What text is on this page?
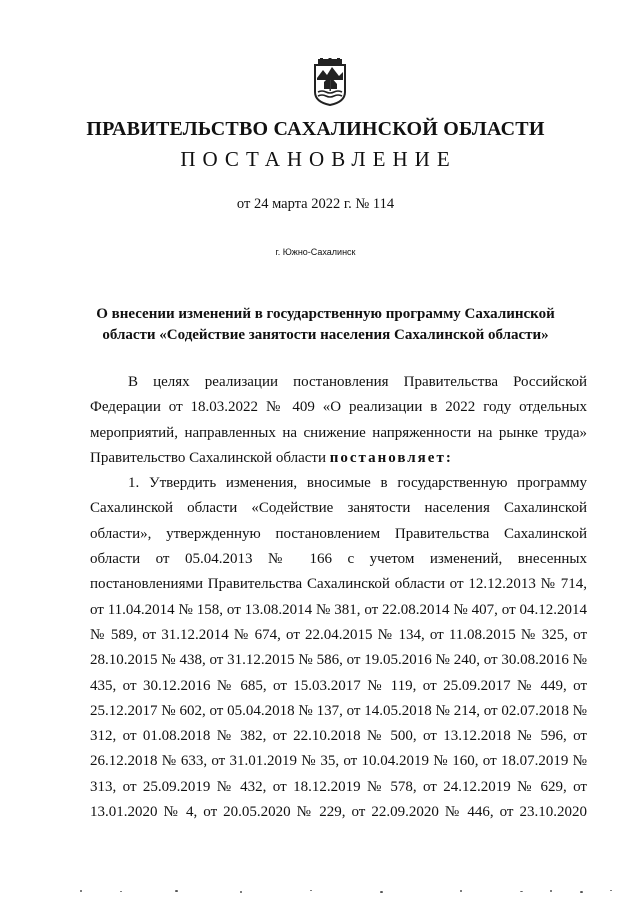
ПРАВИТЕЛЬСТВО САХАЛИНСКОЙ ОБЛАСТИ
ПОСТАНОВЛЕНИЕ
от 24 марта 2022 г. № 114
г. Южно-Сахалинск
О внесении изменений в государственную программу Сахалинской
области «Содействие занятости населения Сахалинской области»

В целях реализации постановления Правительства Российской Федерации от 18.03.2022 № 409 «О реализации в 2022 году отдельных мероприятий, направленных на снижение напряженности на рынке труда» Правительство Сахалинской области постановляет:

1. Утвердить изменения, вносимые в государственную программу Сахалинской области «Содействие занятости населения Сахалинской области», утвержденную постановлением Правительства Сахалинской области от 05.04.2013 № 166 с учетом изменений, внесенных постановлениями Правительства Сахалинской области от 12.12.2013 № 714, от 11.04.2014 № 158, от 13.08.2014 № 381, от 22.08.2014 № 407, от 04.12.2014 № 589, от 31.12.2014 № 674, от 22.04.2015 № 134, от 11.08.2015 № 325, от 28.10.2015 № 438, от 31.12.2015 № 586, от 19.05.2016 № 240, от 30.08.2016 № 435, от 30.12.2016 № 685, от 15.03.2017 № 119, от 25.09.2017 № 449, от 25.12.2017 № 602, от 05.04.2018 № 137, от 14.05.2018 № 214, от 02.07.2018 № 312, от 01.08.2018 № 382, от 22.10.2018 № 500, от 13.12.2018 № 596, от 26.12.2018 № 633, от 31.01.2019 № 35, от 10.04.2019 № 160, от 18.07.2019 № 313, от 25.09.2019 № 432, от 18.12.2019 № 578, от 24.12.2019 № 629, от 13.01.2020 № 4, от 20.05.2020 № 229, от 22.09.2020 № 446, от 23.10.2020
